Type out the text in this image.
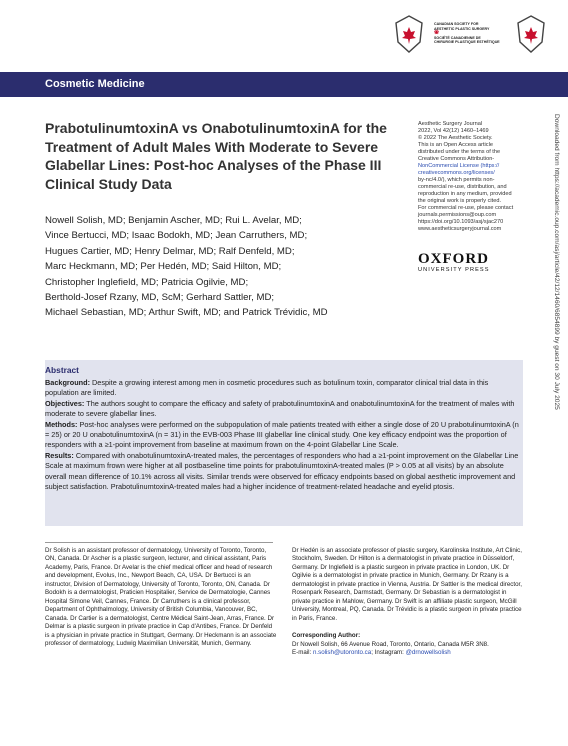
CANADIAN SOCIETY FOR
AESTHETIC PLASTIC SURGERY
❀
SOCIÉTÉ CANADIENNE DE
CHIRURGIE PLASTIQUE ESTHÉTIQUE
Cosmetic Medicine
PrabotulinumtoxinA vs OnabotulinumtoxinA for the Treatment of Adult Males With Moderate to Severe Glabellar Lines: Post-hoc Analyses of the Phase III Clinical Study Data
Nowell Solish, MD; Benjamin Ascher, MD; Rui L. Avelar, MD;
Vince Bertucci, MD; Isaac Bodokh, MD; Jean Carruthers, MD;
Hugues Cartier, MD; Henry Delmar, MD; Ralf Denfeld, MD;
Marc Heckmann, MD; Per Hedén, MD; Said Hilton, MD;
Christopher Inglefield, MD; Patricia Ogilvie, MD;
Berthold-Josef Rzany, MD, ScM; Gerhard Sattler, MD;
Michael Sebastian, MD; Arthur Swift, MD; and Patrick Trévidic, MD
Aesthetic Surgery Journal
2022, Vol 42(12) 1460–1469
© 2022 The Aesthetic Society.
This is an Open Access article
distributed under the terms of the
Creative Commons Attribution-
NonCommercial License (https://
creativecommons.org/licenses/
by-nc/4.0/), which permits non-
commercial re-use, distribution, and
reproduction in any medium, provided
the original work is properly cited.
For commercial re-use, please contact
journals.permissions@oup.com
https://doi.org/10.1093/asj/sjac270
www.aestheticsurgeryjournal.com
OXFORD
UNIVERSITY PRESS	Downloaded from https://academic.oup.com/asj/article/42/12/1460/6854899 by guest on 30 July 2025
Abstract
Background: Despite a growing interest among men in cosmetic procedures such as botulinum toxin, comparator clinical trial data in this population are limited.
Objectives: The authors sought to compare the efficacy and safety of prabotulinumtoxinA and onabotulinumtoxinA for the treatment of males with moderate to severe glabellar lines.
Methods: Post-hoc analyses were performed on the subpopulation of male patients treated with either a single dose of 20 U prabotulinumtoxinA (n = 25) or 20 U onabotulinumtoxinA (n = 31) in the EVB-003 Phase III glabellar line clinical study. One key efficacy endpoint was the proportion of responders with a ≥1-point improvement from baseline at maximum frown on the 4-point Glabellar Line Scale.
Results: Compared with onabotulinumtoxinA-treated males, the percentages of responders who had a ≥1-point improvement on the Glabellar Line Scale at maximum frown were higher at all postbaseline time points for prabotulinumtoxinA-treated males (P > 0.05 at all visits) by an absolute overall mean difference of 10.1% across all visits. Similar trends were observed for efficacy endpoints based on global aesthetic improvement and subject satisfaction. PrabotulinumtoxinA-treated males had a higher incidence of treatment-related headache and eyelid ptosis.
Dr Solish is an assistant professor of dermatology, University of Toronto, Toronto, ON, Canada. Dr Ascher is a plastic surgeon, lecturer, and clinical assistant, Paris Academy, Paris, France. Dr Avelar is the chief medical officer and head of research and development, Evolus, Inc., Newport Beach, CA, USA. Dr Bertucci is an instructor, Division of Dermatology, University of Toronto, Toronto, ON, Canada. Dr Bodokh is a dermatologist, Praticien Hospitalier, Service de Dermatologie, Cannes Hospital Simone Veil, Cannes, France. Dr Carruthers is a clinical professor, Department of Ophthalmology, University of British Columbia, Vancouver, BC, Canada. Dr Cartier is a dermatologist, Centre Médical Saint-Jean, Arras, France. Dr Delmar is a plastic surgeon in private practice in Cap d'Antibes, France. Dr Denfeld is a physician in private practice in Stuttgart, Germany. Dr Heckmann is an associate professor of dermatology, Ludwig Maximilian Universität, Munich, Germany.
Dr Hedén is an associate professor of plastic surgery, Karolinska Institute, Art Clinic, Stockholm, Sweden. Dr Hilton is a dermatologist in private practice in Düsseldorf, Germany. Dr Inglefield is a plastic surgeon in private practice in London, UK. Dr Ogilvie is a dermatologist in private practice in Munich, Germany. Dr Rzany is a dermatologist in private practice in Vienna, Austria. Dr Sattler is the medical director, Rosenpark Research, Darmstadt, Germany. Dr Sebastian is a dermatologist in private practice in Mahlow, Germany. Dr Swift is an affiliate plastic surgeon, McGill University, Montreal, PQ, Canada. Dr Trévidic is a plastic surgeon in private practice in Paris, France.
Corresponding Author:
Dr Nowell Solish, 66 Avenue Road, Toronto, Ontario, Canada M5R 3N8.
E-mail: n.solish@utoronto.ca; Instagram: @drnowellsolish
